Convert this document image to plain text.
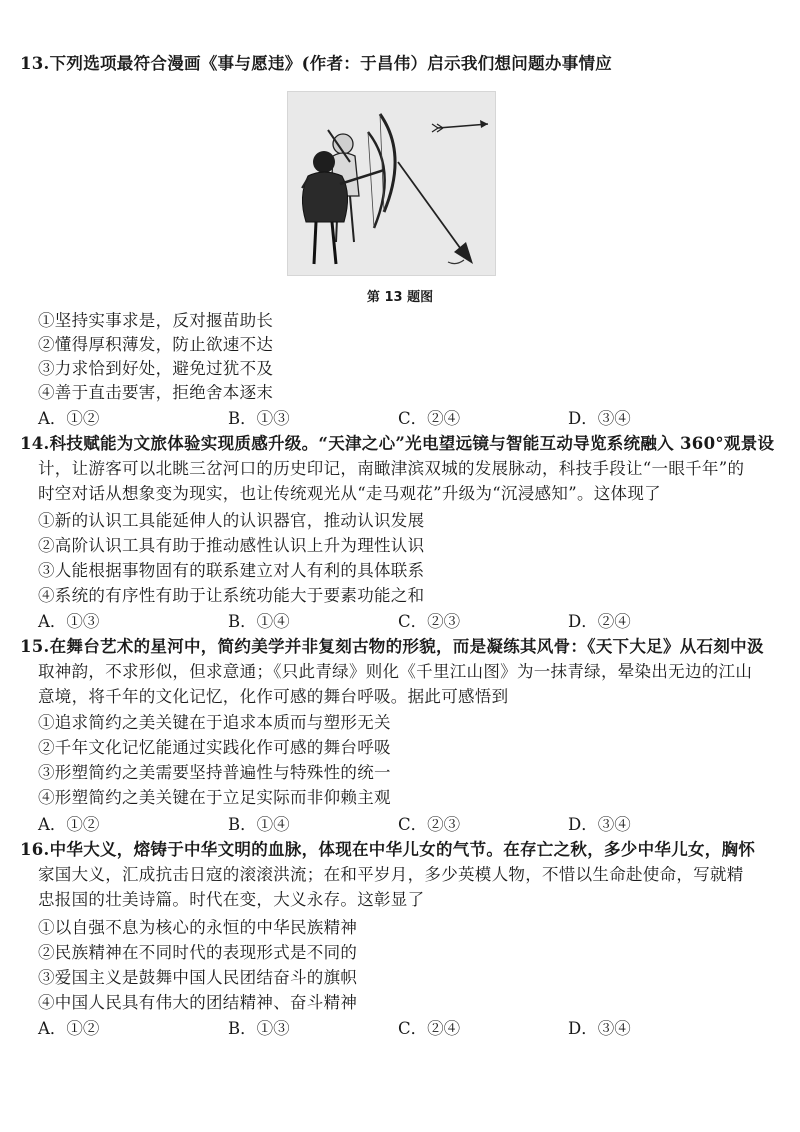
13.下列选项最符合漫画《事与愿违》(作者：于昌伟）启示我们想问题办事情应
第 13 题图
①坚持实事求是，反对揠苗助长
②懂得厚积薄发，防止欲速不达
③力求恰到好处，避免过犹不及
④善于直击要害，拒绝舍本逐末
A．①②	B．①③	C．②④	D．③④
14.科技赋能为文旅体验实现质感升级。“天津之心”光电望远镜与智能互动导览系统融入 360°观景设
计，让游客可以北眺三岔河口的历史印记，南瞰津滨双城的发展脉动，科技手段让“一眼千年”的
时空对话从想象变为现实，也让传统观光从“走马观花”升级为“沉浸感知”。这体现了
①新的认识工具能延伸人的认识器官，推动认识发展
②高阶认识工具有助于推动感性认识上升为理性认识
③人能根据事物固有的联系建立对人有利的具体联系
④系统的有序性有助于让系统功能大于要素功能之和
A．①③	B．①④	C．②③	D．②④
15.在舞台艺术的星河中，简约美学并非复刻古物的形貌，而是凝练其风骨：《天下大足》从石刻中汲
取神韵，不求形似，但求意通；《只此青绿》则化《千里江山图》为一抹青绿，晕染出无边的江山
意境，将千年的文化记忆，化作可感的舞台呼吸。据此可感悟到
①追求简约之美关键在于追求本质而与塑形无关
②千年文化记忆能通过实践化作可感的舞台呼吸
③形塑简约之美需要坚持普遍性与特殊性的统一
④形塑简约之美关键在于立足实际而非仰赖主观
A．①②	B．①④	C．②③	D．③④
16.中华大义，熔铸于中华文明的血脉，体现在中华儿女的气节。在存亡之秋，多少中华儿女，胸怀
家国大义，汇成抗击日寇的滚滚洪流；在和平岁月，多少英模人物，不惜以生命赴使命，写就精
忠报国的壮美诗篇。时代在变，大义永存。这彰显了
①以自强不息为核心的永恒的中华民族精神
②民族精神在不同时代的表现形式是不同的
③爱国主义是鼓舞中国人民团结奋斗的旗帜
④中国人民具有伟大的团结精神、奋斗精神
A．①②	B．①③	C．②④	D．③④
